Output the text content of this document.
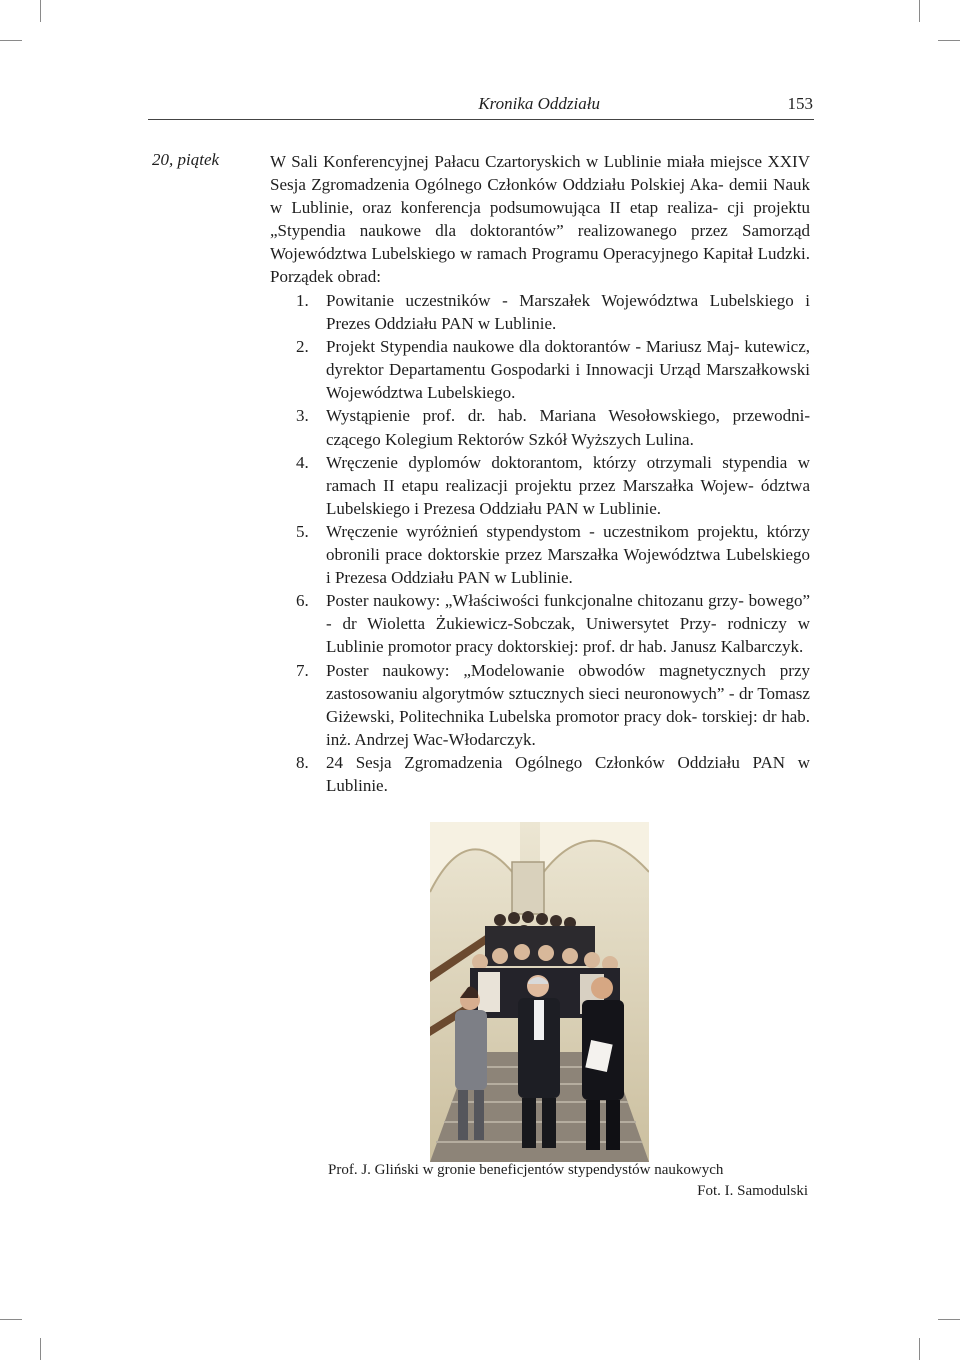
Kronika Oddziału	153
20, piątek	W Sali Konferencyjnej Pałacu Czartoryskich w Lublinie miała miejsce XXIV Sesja Zgromadzenia Ogólnego Członków Oddziału Polskiej Aka- demii Nauk w Lublinie, oraz konferencja podsumowująca II etap realiza- cji projektu „Stypendia naukowe dla doktorantów” realizowanego przez Samorząd Województwa Lubelskiego w ramach Programu Operacyjnego Kapitał Ludzki. Porządek obrad:
1. Powitanie uczestników - Marszałek Województwa Lubelskiego i Prezes Oddziału PAN w Lublinie.
2. Projekt Stypendia naukowe dla doktorantów - Mariusz Maj- kutewicz, dyrektor Departamentu Gospodarki i Innowacji Urząd Marszałkowski Województwa Lubelskiego.
3. Wystąpienie prof. dr. hab. Mariana Wesołowskiego, przewodni- czącego Kolegium Rektorów Szkół Wyższych Lulina.
4. Wręczenie dyplomów doktorantom, którzy otrzymali stypendia w ramach II etapu realizacji projektu przez Marszałka Wojew- ództwa Lubelskiego i Prezesa Oddziału PAN w Lublinie.
5. Wręczenie wyróżnień stypendystom - uczestnikom projektu, którzy obronili prace doktorskie przez Marszałka Województwa Lubelskiego i Prezesa Oddziału PAN w Lublinie.
6. Poster naukowy: „Właściwości funkcjonalne chitozanu grzy- bowego” - dr Wioletta Żukiewicz-Sobczak, Uniwersytet Przy- rodniczy w Lublinie promotor pracy doktorskiej: prof. dr hab. Janusz Kalbarczyk.
7. Poster naukowy: „Modelowanie obwodów magnetycznych przy zastosowaniu algorytmów sztucznych sieci neuronowych” - dr Tomasz Giżewski, Politechnika Lubelska promotor pracy dok- torskiej: dr hab. inż. Andrzej Wac-Włodarczyk.
8. 24 Sesja Zgromadzenia Ogólnego Członków Oddziału PAN w Lublinie.
Prof. J. Gliński w gronie beneficjentów stypendystów naukowych
Fot. I. Samodulski
